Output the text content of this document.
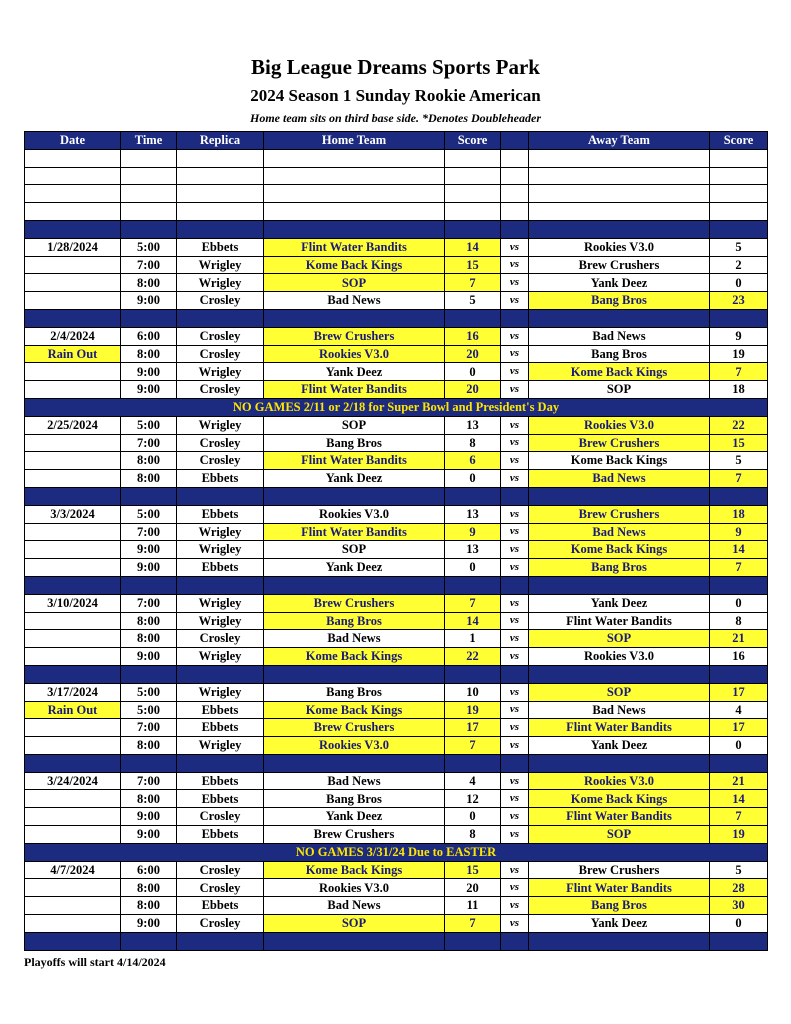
Big League Dreams Sports Park
2024 Season 1 Sunday Rookie American
Home team sits on third base side. *Denotes Doubleheader
Date	Time	Replica	Home Team	Score		Away Team	Score

1/28/2024	5:00	Ebbets	Flint Water Bandits	14	vs	Rookies V3.0	5
	7:00	Wrigley	Kome Back Kings	15	vs	Brew Crushers	2
	8:00	Wrigley	SOP	7	vs	Yank Deez	0
	9:00	Crosley	Bad News	5	vs	Bang Bros	23

2/4/2024	6:00	Crosley	Brew Crushers	16	vs	Bad News	9
Rain Out	8:00	Crosley	Rookies V3.0	20	vs	Bang Bros	19
	9:00	Wrigley	Yank Deez	0	vs	Kome Back Kings	7
	9:00	Crosley	Flint Water Bandits	20	vs	SOP	18
NO GAMES 2/11 or 2/18 for Super Bowl and President's Day							
2/25/2024	5:00	Wrigley	SOP	13	vs	Rookies V3.0	22
	7:00	Crosley	Bang Bros	8	vs	Brew Crushers	15
	8:00	Crosley	Flint Water Bandits	6	vs	Kome Back Kings	5
	8:00	Ebbets	Yank Deez	0	vs	Bad News	7

3/3/2024	5:00	Ebbets	Rookies V3.0	13	vs	Brew Crushers	18
	7:00	Wrigley	Flint Water Bandits	9	vs	Bad News	9
	9:00	Wrigley	SOP	13	vs	Kome Back Kings	14
	9:00	Ebbets	Yank Deez	0	vs	Bang Bros	7

3/10/2024	7:00	Wrigley	Brew Crushers	7	vs	Yank Deez	0
	8:00	Wrigley	Bang Bros	14	vs	Flint Water Bandits	8
	8:00	Crosley	Bad News	1	vs	SOP	21
	9:00	Wrigley	Kome Back Kings	22	vs	Rookies V3.0	16

3/17/2024	5:00	Wrigley	Bang Bros	10	vs	SOP	17
Rain Out	5:00	Ebbets	Kome Back Kings	19	vs	Bad News	4
	7:00	Ebbets	Brew Crushers	17	vs	Flint Water Bandits	17
	8:00	Wrigley	Rookies V3.0	7	vs	Yank Deez	0

3/24/2024	7:00	Ebbets	Bad News	4	vs	Rookies V3.0	21
	8:00	Ebbets	Bang Bros	12	vs	Kome Back Kings	14
	9:00	Crosley	Yank Deez	0	vs	Flint Water Bandits	7
	9:00	Ebbets	Brew Crushers	8	vs	SOP	19
NO GAMES 3/31/24 Due to EASTER							
4/7/2024	6:00	Crosley	Kome Back Kings	15	vs	Brew Crushers	5
	8:00	Crosley	Rookies V3.0	20	vs	Flint Water Bandits	28
	8:00	Ebbets	Bad News	11	vs	Bang Bros	30
	9:00	Crosley	SOP	7	vs	Yank Deez	0

Playoffs will start 4/14/2024
